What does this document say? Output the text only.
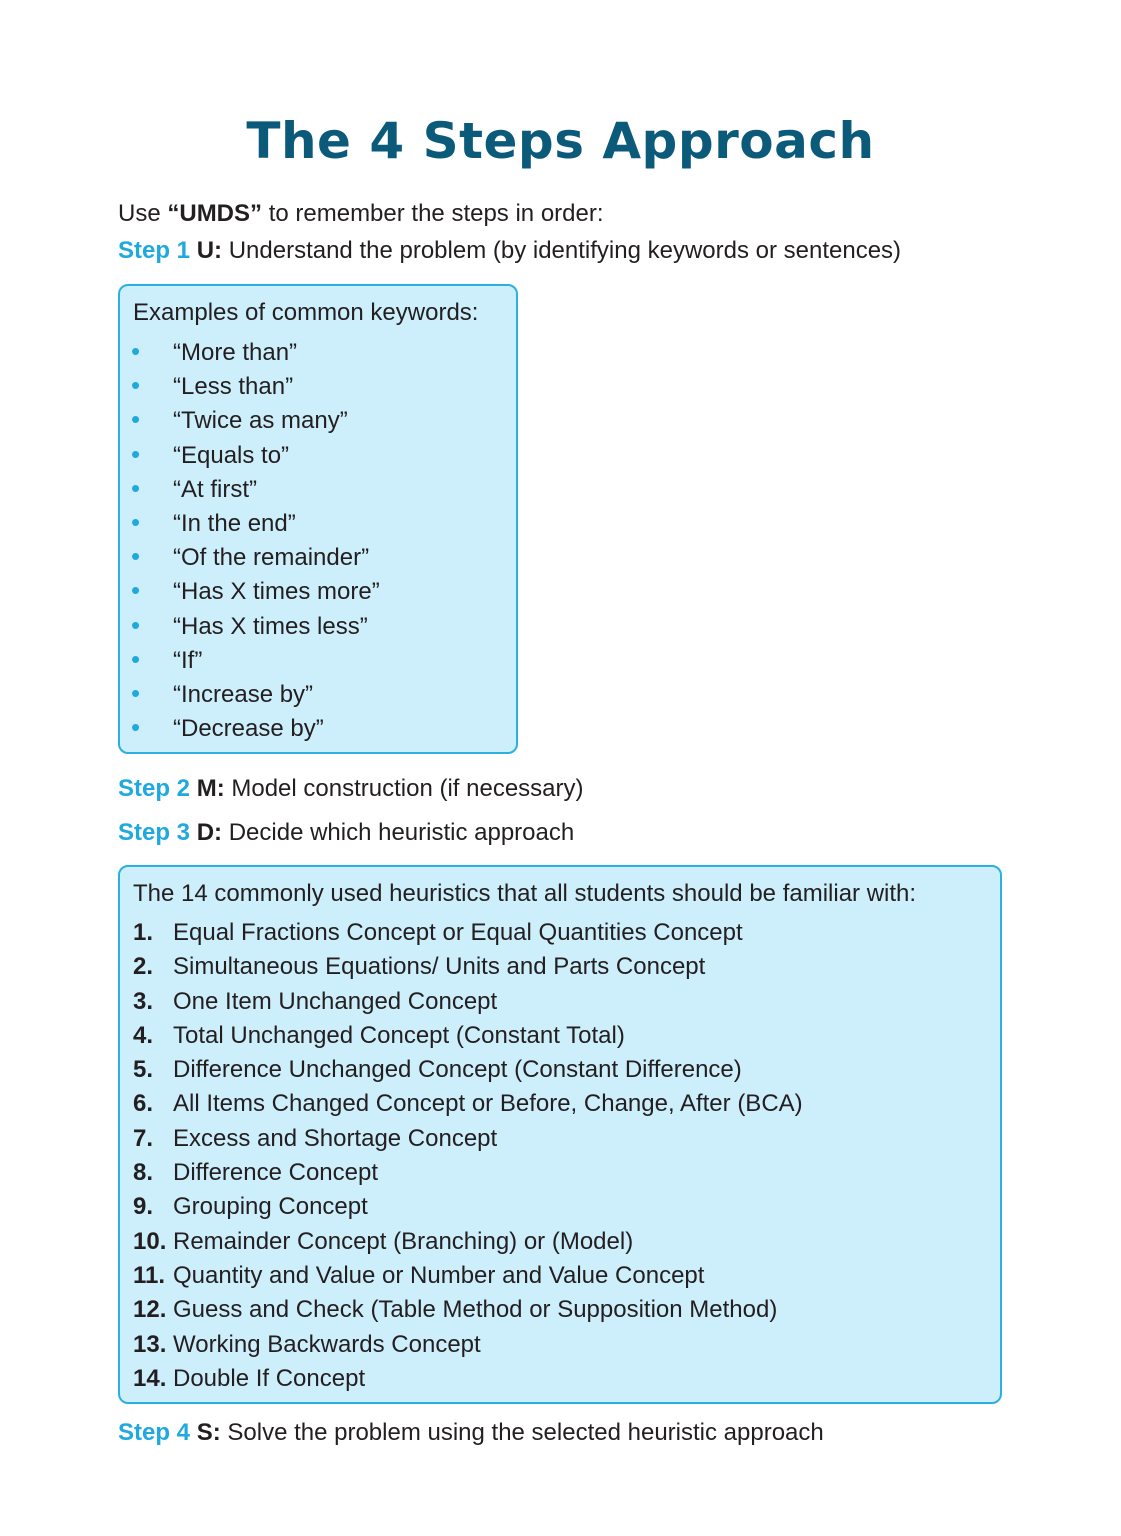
The 4 Steps Approach
Use “UMDS” to remember the steps in order:
Step 1 U: Understand the problem (by identifying keywords or sentences)
Examples of common keywords:
• “More than”
• “Less than”
• “Twice as many”
• “Equals to”
• “At first”
• “In the end”
• “Of the remainder”
• “Has X times more”
• “Has X times less”
• “If”
• “Increase by”
• “Decrease by”
Step 2 M: Model construction (if necessary)
Step 3 D: Decide which heuristic approach
The 14 commonly used heuristics that all students should be familiar with:
1. Equal Fractions Concept or Equal Quantities Concept
2. Simultaneous Equations/ Units and Parts Concept
3. One Item Unchanged Concept
4. Total Unchanged Concept (Constant Total)
5. Difference Unchanged Concept (Constant Difference)
6. All Items Changed Concept or Before, Change, After (BCA)
7. Excess and Shortage Concept
8. Difference Concept
9. Grouping Concept
10. Remainder Concept (Branching) or (Model)
11. Quantity and Value or Number and Value Concept
12. Guess and Check (Table Method or Supposition Method)
13. Working Backwards Concept
14. Double If Concept
Step 4 S: Solve the problem using the selected heuristic approach
